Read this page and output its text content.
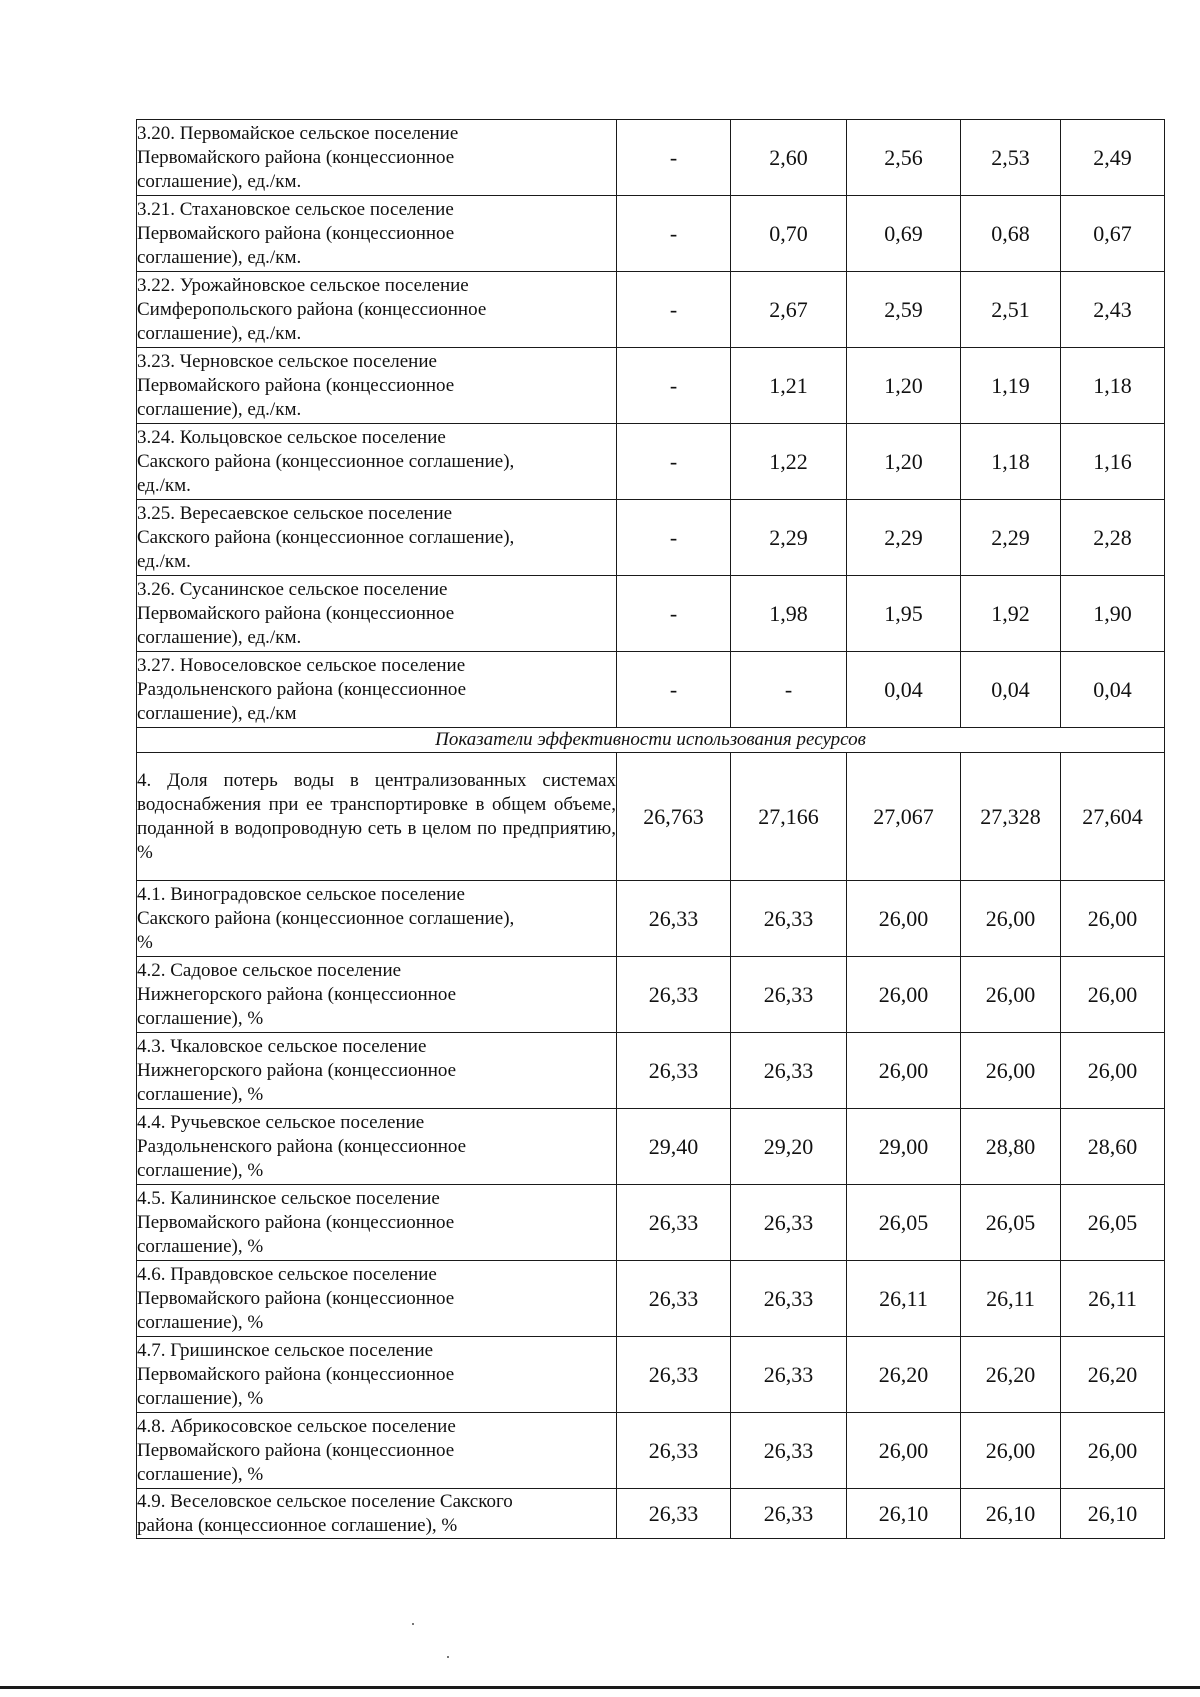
3.20. Первомайское сельское поселение
Первомайского района (концессионное
соглашение), ед./км.	-	2,60	2,56	2,53	2,49
3.21. Стахановское сельское поселение
Первомайского района (концессионное
соглашение), ед./км.	-	0,70	0,69	0,68	0,67
3.22. Урожайновское сельское поселение
Симферопольского района (концессионное
соглашение), ед./км.	-	2,67	2,59	2,51	2,43
3.23. Черновское сельское поселение
Первомайского района (концессионное
соглашение), ед./км.	-	1,21	1,20	1,19	1,18
3.24. Кольцовское сельское поселение
Сакского района (концессионное соглашение),
ед./км.	-	1,22	1,20	1,18	1,16
3.25. Вересаевское сельское поселение
Сакского района (концессионное соглашение),
ед./км.	-	2,29	2,29	2,29	2,28
3.26. Сусанинское сельское поселение
Первомайского района (концессионное
соглашение), ед./км.	-	1,98	1,95	1,92	1,90
3.27. Новоселовское сельское поселение
Раздольненского района (концессионное
соглашение), ед./км	-	-	0,04	0,04	0,04
Показатели эффективности использования ресурсов					
4. Доля потерь воды в централизованных системах водоснабжения при ее транспортировке в общем объеме, поданной в водопроводную сеть в целом по предприятию, %	26,763	27,166	27,067	27,328	27,604
4.1. Виноградовское сельское поселение
Сакского района (концессионное соглашение),
%	26,33	26,33	26,00	26,00	26,00
4.2. Садовое сельское поселение
Нижнегорского района (концессионное
соглашение), %	26,33	26,33	26,00	26,00	26,00
4.3. Чкаловское сельское поселение
Нижнегорского района (концессионное
соглашение), %	26,33	26,33	26,00	26,00	26,00
4.4. Ручьевское сельское поселение
Раздольненского района (концессионное
соглашение), %	29,40	29,20	29,00	28,80	28,60
4.5. Калининское сельское поселение
Первомайского района (концессионное
соглашение), %	26,33	26,33	26,05	26,05	26,05
4.6. Правдовское сельское поселение
Первомайского района (концессионное
соглашение), %	26,33	26,33	26,11	26,11	26,11
4.7. Гришинское сельское поселение
Первомайского района (концессионное
соглашение), %	26,33	26,33	26,20	26,20	26,20
4.8. Абрикосовское сельское поселение
Первомайского района (концессионное
соглашение), %	26,33	26,33	26,00	26,00	26,00
4.9. Веселовское сельское поселение Сакского
района (концессионное соглашение), %	26,33	26,33	26,10	26,10	26,10
